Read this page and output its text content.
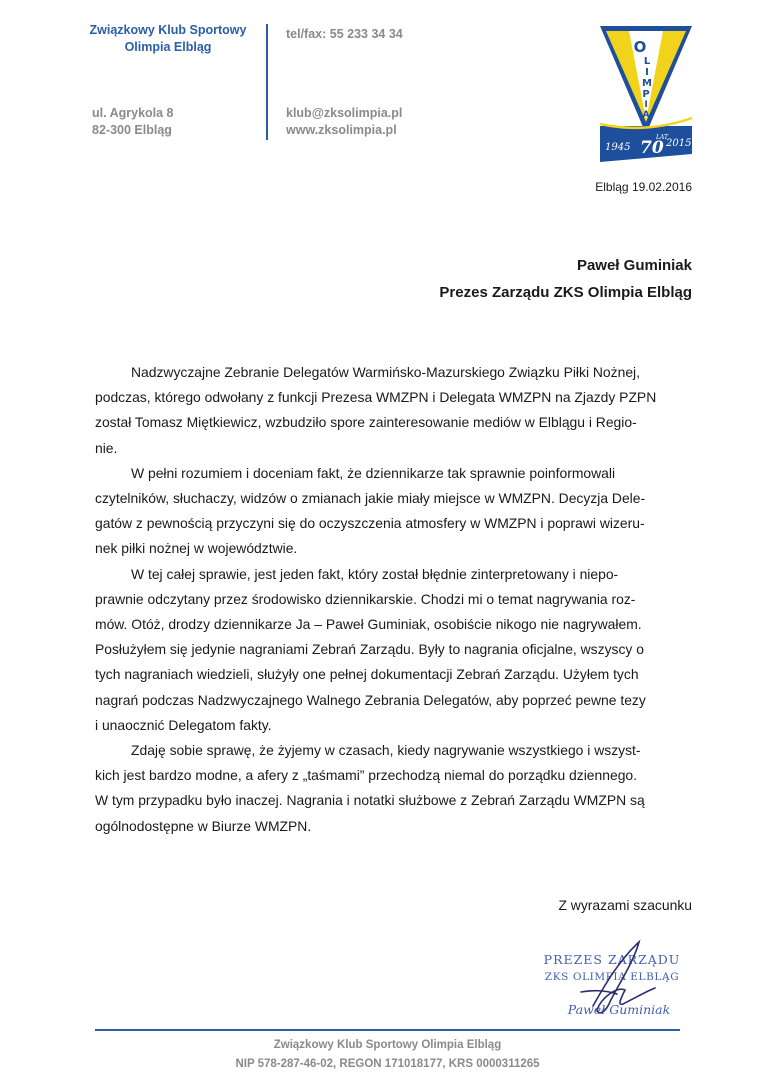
Związkowy Klub Sportowy
Olimpia Elbląg
tel/fax: 55 233 34 34
ul. Agrykola 8
82-300 Elbląg
klub@zksolimpia.pl
www.zksolimpia.pl
O
L
I
M
P
I
A
1945 70
LAT
2015
Elbląg 19.02.2016
Paweł Guminiak
Prezes Zarządu ZKS Olimpia Elbląg
Nadzwyczajne Zebranie Delegatów Warmińsko-Mazurskiego Związku Piłki Nożnej,
podczas, którego odwołany z funkcji Prezesa WMZPN i Delegata WMZPN na Zjazdy PZPN
został Tomasz Miętkiewicz, wzbudziło spore zainteresowanie mediów w Elblągu i Regio-
nie.
W pełni rozumiem i doceniam fakt, że dziennikarze tak sprawnie poinformowali
czytelników, słuchaczy, widzów o zmianach jakie miały miejsce w WMZPN. Decyzja Dele-
gatów z pewnością przyczyni się do oczyszczenia atmosfery w WMZPN i poprawi wizeru-
nek piłki nożnej w województwie.
W tej całej sprawie, jest jeden fakt, który został błędnie zinterpretowany i niepo-
prawnie odczytany przez środowisko dziennikarskie. Chodzi mi o temat nagrywania roz-
mów. Otóż, drodzy dziennikarze Ja – Paweł Guminiak, osobiście nikogo nie nagrywałem.
Posłużyłem się jedynie nagraniami Zebrań Zarządu. Były to nagrania oficjalne, wszyscy o
tych nagraniach wiedzieli, służyły one pełnej dokumentacji Zebrań Zarządu. Użyłem tych
nagrań podczas Nadzwyczajnego Walnego Zebrania Delegatów, aby poprzeć pewne tezy
i unaocznić Delegatom fakty.
Zdaję sobie sprawę, że żyjemy w czasach, kiedy nagrywanie wszystkiego i wszyst-
kich jest bardzo modne, a afery z „taśmami” przechodzą niemal do porządku dziennego.
W tym przypadku było inaczej. Nagrania i notatki służbowe z Zebrań Zarządu WMZPN są
ogólnodostępne w Biurze WMZPN.
Z wyrazami szacunku
PREZES ZARZĄDU
ZKS OLIMPIA ELBLĄG
Paweł Guminiak
Związkowy Klub Sportowy Olimpia Elbląg
NIP 578-287-46-02, REGON 171018177, KRS 0000311265
